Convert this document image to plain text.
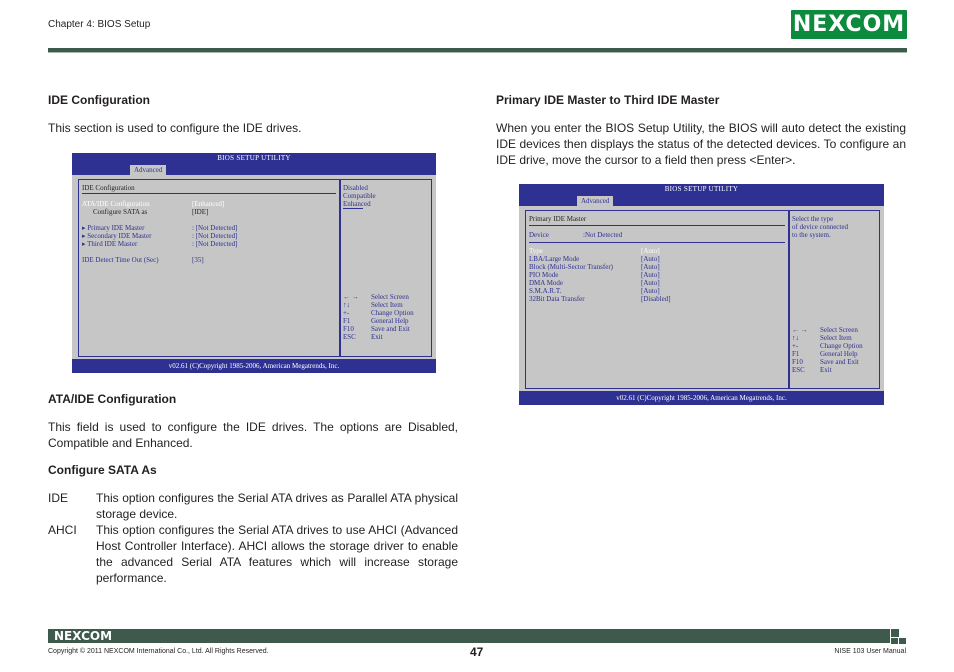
Chapter 4: BIOS Setup	NEXCOM
IDE Configuration
This section is used to configure the IDE drives.
BIOS SETUP UTILITY
Advanced
IDE Configuration
ATA/IDE Configuration	[Enhanced]
Configure SATA as	[IDE]
▸ Primary IDE Master	: [Not Detected]
▸ Secondary IDE Master	: [Not Detected]
▸ Third IDE Master	: [Not Detected]
IDE Detect Time Out (Sec)	[35]
Disabled
Compatible
Enhanced
← → Select Screen
↑↓	Select Item
+-	Change Option
F1	General Help
F10 Save and Exit
ESC Exit
v02.61 (C)Copyright 1985-2006, American Megatrends, Inc.
ATA/IDE Configuration
This field is used to configure the IDE drives. The options are Disabled, Compatible and Enhanced.
Configure SATA As
IDE This option configures the Serial ATA drives as Parallel ATA physical storage device.
AHCI This option configures the Serial ATA drives to use AHCI (Advanced Host Controller Interface). AHCI allows the storage driver to enable the advanced Serial ATA features which will increase storage performance.
Primary IDE Master to Third IDE Master
When you enter the BIOS Setup Utility, the BIOS will auto detect the existing IDE devices then displays the status of the detected devices. To configure an IDE drive, move the cursor to a field then press <Enter>.
BIOS SETUP UTILITY
Advanced
Primary IDE Master
Device	:Not Detected
Type	[Auto]
LBA/Large Mode	[Auto]
Block (Multi-Sector Transfer)	[Auto]
PIO Mode	[Auto]
DMA Mode	[Auto]
S.M.A.R.T.	[Auto]
32Bit Data Transfer	[Disabled]
Select the type
of device connected
to the system.
← → Select Screen
↑↓	Select Item
+-	Change Option
F1	General Help
F10 Save and Exit
ESC Exit
v02.61 (C)Copyright 1985-2006, American Megatrends, Inc.
NEXCOM
Copyright © 2011 NEXCOM International Co., Ltd. All Rights Reserved.	47	NISE 103 User Manual
